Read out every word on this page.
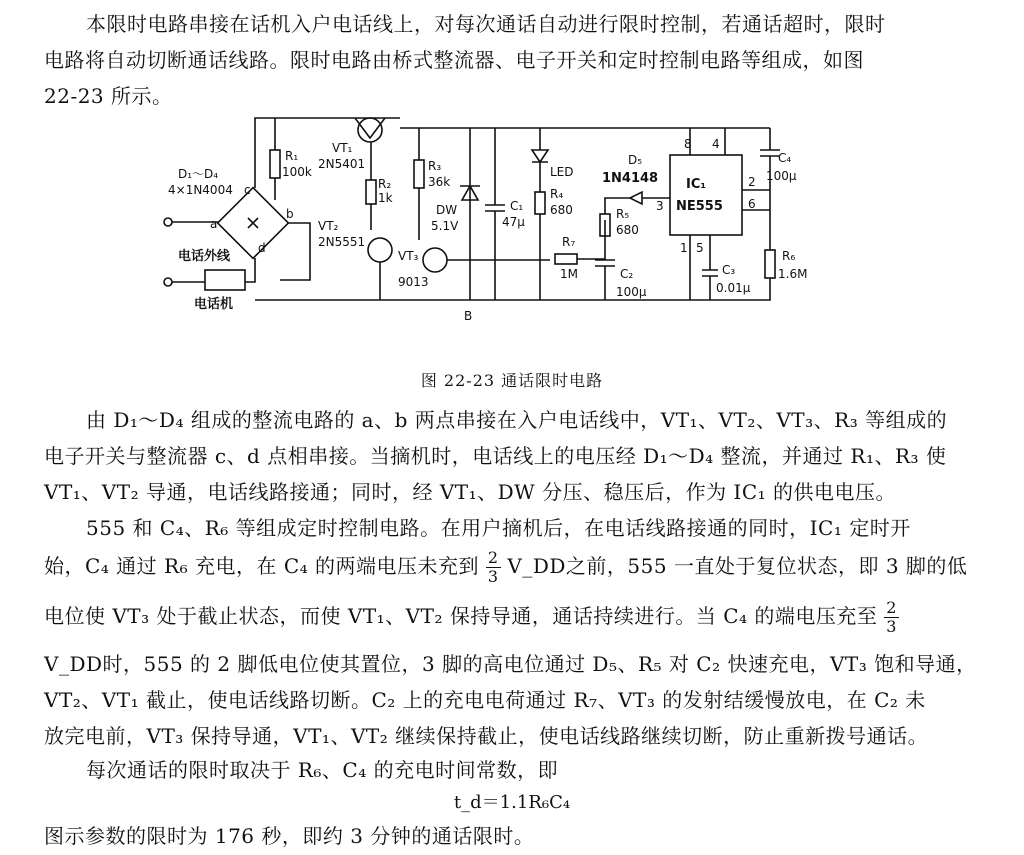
本限时电路串接在话机入户电话线上，对每次通话自动进行限时控制，若通话超时，限时
电路将自动切断通话线路。限时电路由桥式整流器、电子开关和定时控制电路等组成，如图
22-23 所示。
D₁～D₄
4×1N4004
R₁
100k
VT₁
2N5401
R₂
1k
R₃
36k
VT₂
2N5551
VT₃
9013
DW
5.1V
C₁
47μ
LED
R₄
680
D₅
1N4148
R₅
680
R₇
1M	C₂
100μ
IC₁
NE555
8 4
2
6
3
1 5
C₃
0.01μ
C₄
100μ
R₆
1.6M
a
b
c
d
B
电话外线
电话机
图 22-23 通话限时电路
由 D₁～D₄ 组成的整流电路的 a、b 两点串接在入户电话线中，VT₁、VT₂、VT₃、R₃ 等组成的
电子开关与整流器 c、d 点相串接。当摘机时，电话线上的电压经 D₁～D₄ 整流，并通过 R₁、R₃ 使
VT₁、VT₂ 导通，电话线路接通；同时，经 VT₁、DW 分压、稳压后，作为 IC₁ 的供电电压。
555 和 C₄、R₆ 等组成定时控制电路。在用户摘机后，在电话线路接通的同时，IC₁ 定时开
始，C₄ 通过 R₆ 充电，在 C₄ 的两端电压未充到 $\frac{2}{3}$ V_DD之前，555 一直处于复位状态，即 3 脚的低
电位使 VT₃ 处于截止状态，而使 VT₁、VT₂ 保持导通，通话持续进行。当 C₄ 的端电压充至 $\frac{2}{3}$
V_DD时，555 的 2 脚低电位使其置位，3 脚的高电位通过 D₅、R₅ 对 C₂ 快速充电，VT₃ 饱和导通，
VT₂、VT₁ 截止，使电话线路切断。C₂ 上的充电电荷通过 R₇、VT₃ 的发射结缓慢放电，在 C₂ 未
放完电前，VT₃ 保持导通，VT₁、VT₂ 继续保持截止，使电话线路继续切断，防止重新拨号通话。
每次通话的限时取决于 R₆、C₄ 的充电时间常数，即
t_d＝1.1R₆C₄
图示参数的限时为 176 秒，即约 3 分钟的通话限时。
